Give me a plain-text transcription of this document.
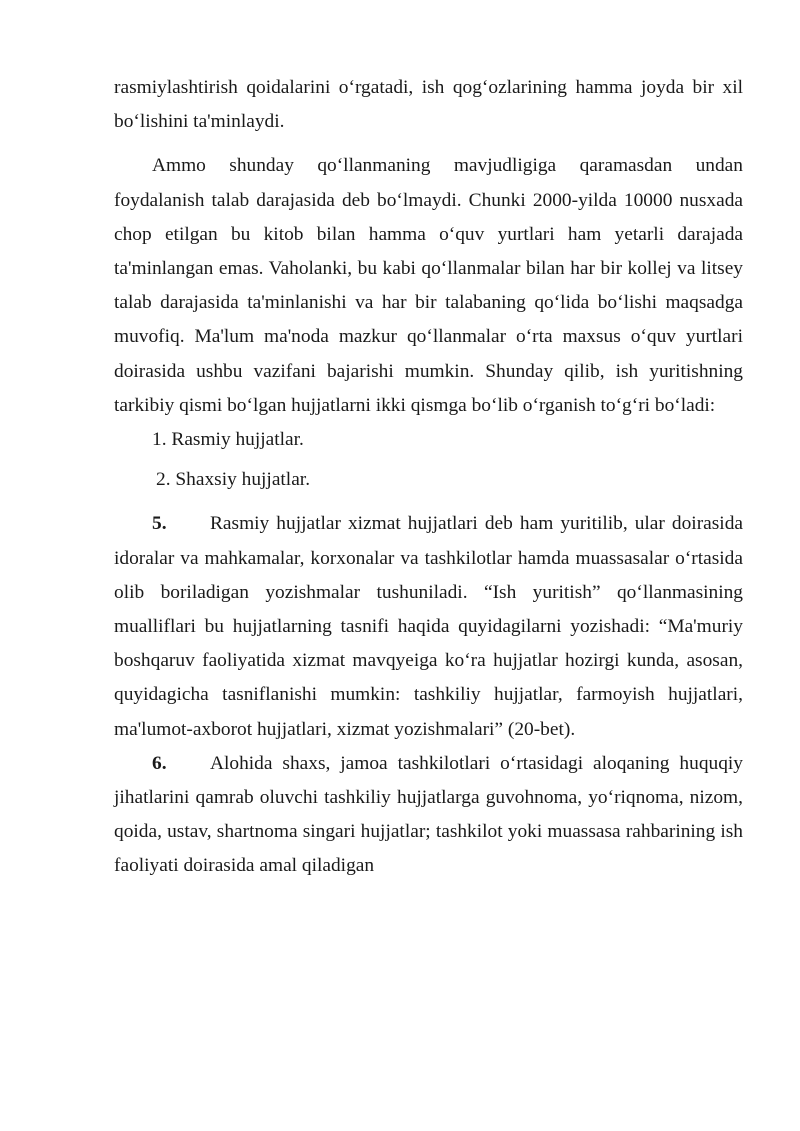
rasmiylashtirish qoidalarini o‘rgatadi, ish qog‘ozlarining hamma joyda bir xil bo‘lishini ta'minlaydi.

Ammo shunday qo‘llanmaning mavjudligiga qaramasdan undan foydalanish talab darajasida deb bo‘lmaydi. Chunki 2000-yilda 10000 nusxada chop etilgan bu kitob bilan hamma o‘quv yurtlari ham yetarli darajada ta'minlangan emas. Vaholanki, bu kabi qo‘llanmalar bilan har bir kollej va litsey talab darajasida ta'minlanishi va har bir talabaning qo‘lida bo‘lishi maqsadga muvofiq. Ma'lum ma'noda mazkur qo‘llanmalar o‘rta maxsus o‘quv yurtlari doirasida ushbu vazifani bajarishi mumkin. Shunday qilib, ish yuritishning tarkibiy qismi bo‘lgan hujjatlarni ikki qismga bo‘lib o‘rganish to‘g‘ri bo‘ladi:

1. Rasmiy hujjatlar.

2. Shaxsiy hujjatlar.

5. Rasmiy hujjatlar xizmat hujjatlari deb ham yuritilib, ular doirasida idoralar va mahkamalar, korxonalar va tashkilotlar hamda muassasalar o‘rtasida olib boriladigan yozishmalar tushuniladi. “Ish yuritish” qo‘llanmasining mualliflari bu hujjatlarning tasnifi haqida quyidagilarni yozishadi: “Ma'muriy boshqaruv faoliyatida xizmat mavqyeiga ko‘ra hujjatlar hozirgi kunda, asosan, quyidagicha tasniflanishi mumkin: tashkiliy hujjatlar, farmoyish hujjatlari, ma'lumot-axborot hujjatlari, xizmat yozishmalari” (20-bet).

6. Alohida shaxs, jamoa tashkilotlari o‘rtasidagi aloqaning huquqiy jihatlarini qamrab oluvchi tashkiliy hujjatlarga guvohnoma, yo‘riqnoma, nizom, qoida, ustav, shartnoma singari hujjatlar; tashkilot yoki muassasa rahbarining ish faoliyati doirasida amal qiladigan
